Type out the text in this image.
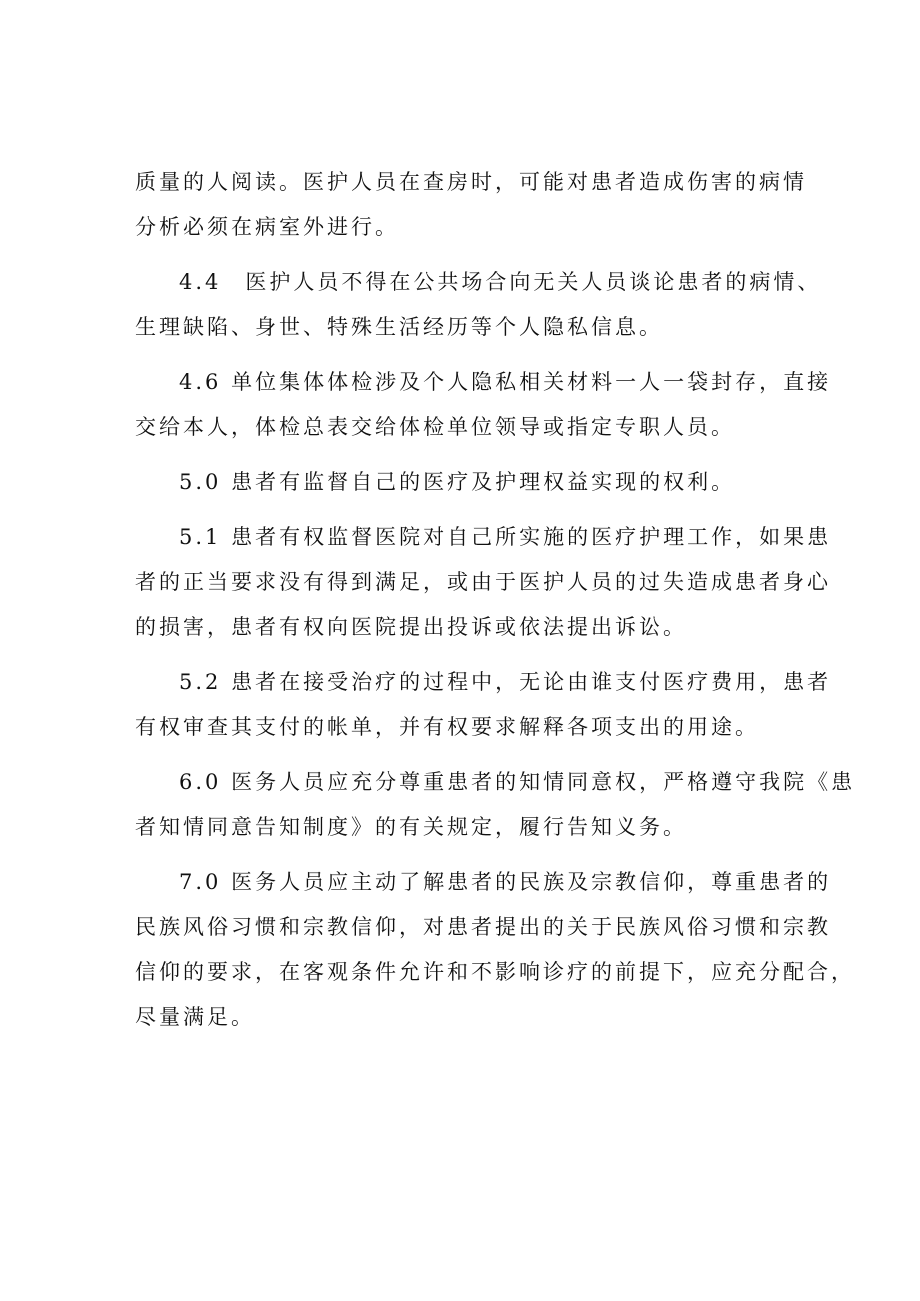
质量的人阅读。医护人员在查房时，可能对患者造成伤害的病情
分析必须在病室外进行。

4.4　医护人员不得在公共场合向无关人员谈论患者的病情、
生理缺陷、身世、特殊生活经历等个人隐私信息。

4.6 单位集体体检涉及个人隐私相关材料一人一袋封存，直接
交给本人，体检总表交给体检单位领导或指定专职人员。

5.0 患者有监督自己的医疗及护理权益实现的权利。

5.1 患者有权监督医院对自己所实施的医疗护理工作，如果患
者的正当要求没有得到满足，或由于医护人员的过失造成患者身心
的损害，患者有权向医院提出投诉或依法提出诉讼。

5.2 患者在接受治疗的过程中，无论由谁支付医疗费用，患者
有权审查其支付的帐单，并有权要求解释各项支出的用途。

6.0 医务人员应充分尊重患者的知情同意权，严格遵守我院《患
者知情同意告知制度》的有关规定，履行告知义务。

7.0 医务人员应主动了解患者的民族及宗教信仰，尊重患者的
民族风俗习惯和宗教信仰，对患者提出的关于民族风俗习惯和宗教
信仰的要求，在客观条件允许和不影响诊疗的前提下，应充分配合，
尽量满足。
